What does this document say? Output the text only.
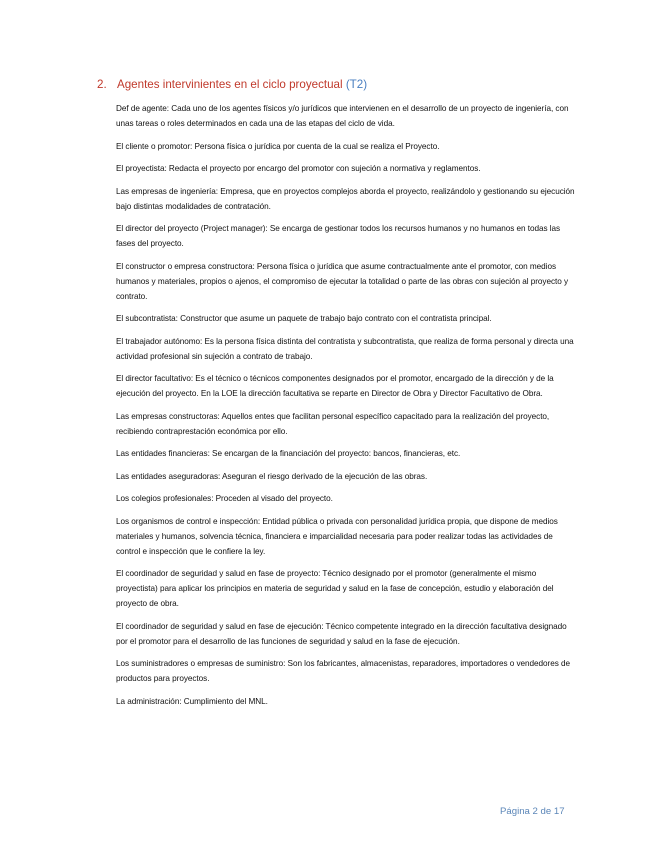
2. Agentes intervinientes en el ciclo proyectual (T2)

Def de agente: Cada uno de los agentes físicos y/o jurídicos que intervienen en el desarrollo de un proyecto de ingeniería, con unas tareas o roles determinados en cada una de las etapas del ciclo de vida.

El cliente o promotor: Persona física o jurídica por cuenta de la cual se realiza el Proyecto.

El proyectista: Redacta el proyecto por encargo del promotor con sujeción a normativa y reglamentos.

Las empresas de ingeniería: Empresa, que en proyectos complejos aborda el proyecto, realizándolo y gestionando su ejecución bajo distintas modalidades de contratación.

El director del proyecto (Project manager): Se encarga de gestionar todos los recursos humanos y no humanos en todas las fases del proyecto.

El constructor o empresa constructora: Persona física o jurídica que asume contractualmente ante el promotor, con medios humanos y materiales, propios o ajenos, el compromiso de ejecutar la totalidad o parte de las obras con sujeción al proyecto y contrato.

El subcontratista: Constructor que asume un paquete de trabajo bajo contrato con el contratista principal.

El trabajador autónomo: Es la persona física distinta del contratista y subcontratista, que realiza de forma personal y directa una actividad profesional sin sujeción a contrato de trabajo.

El director facultativo: Es el técnico o técnicos componentes designados por el promotor, encargado de la dirección y de la ejecución del proyecto. En la LOE la dirección facultativa se reparte en Director de Obra y Director Facultativo de Obra.

Las empresas constructoras: Aquellos entes que facilitan personal específico capacitado para la realización del proyecto, recibiendo contraprestación económica por ello.

Las entidades financieras: Se encargan de la financiación del proyecto: bancos, financieras, etc.

Las entidades aseguradoras: Aseguran el riesgo derivado de la ejecución de las obras.

Los colegios profesionales: Proceden al visado del proyecto.

Los organismos de control e inspección: Entidad pública o privada con personalidad jurídica propia, que dispone de medios materiales y humanos, solvencia técnica, financiera e imparcialidad necesaria para poder realizar todas las actividades de control e inspección que le confiere la ley.

El coordinador de seguridad y salud en fase de proyecto: Técnico designado por el promotor (generalmente el mismo proyectista) para aplicar los principios en materia de seguridad y salud en la fase de concepción, estudio y elaboración del proyecto de obra.

El coordinador de seguridad y salud en fase de ejecución: Técnico competente integrado en la dirección facultativa designado por el promotor para el desarrollo de las funciones de seguridad y salud en la fase de ejecución.

Los suministradores o empresas de suministro: Son los fabricantes, almacenistas, reparadores, importadores o vendedores de productos para proyectos.

La administración: Cumplimiento del MNL.

Página 2 de 17
